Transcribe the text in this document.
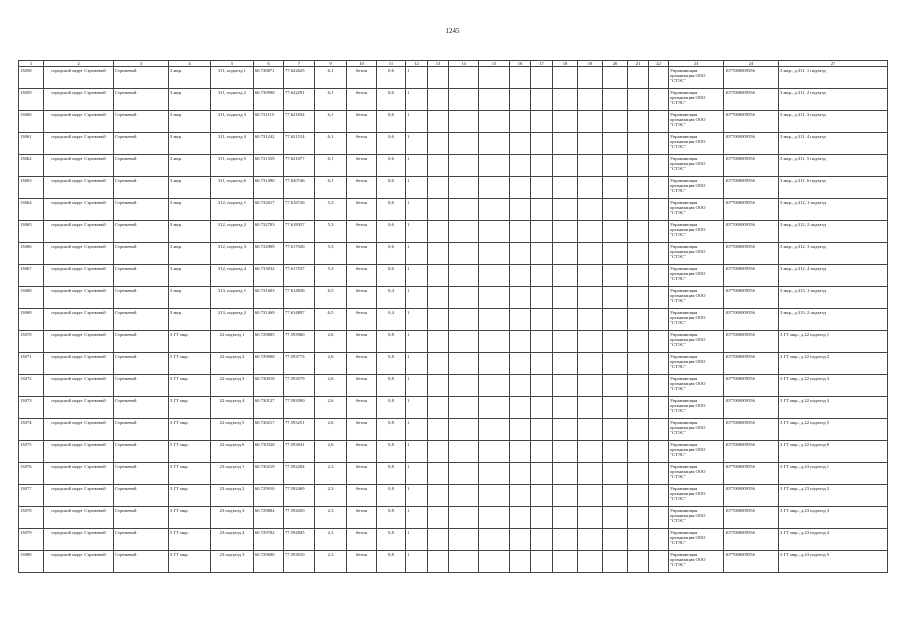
1245
1	2	3	4	5	6	7	9	10	11	12	13	14	15	16	17	18	19	20	21	22	23	24	27
13058	городской округ Стрежевой	Стрежевой	3 мкр.	311, подъезд 1	60.730871	77.622625	6,1	бетон	0,6	1											Управляющая организация ООО "СТЭС"	1077000009556	3 мкр., д.311, 1 подъезд
13059	городской округ Стрежевой	Стрежевой	3 мкр.	311, подъезд 2	60.730998	77.622291	6,1	бетон	0,6	1											Управляющая организация ООО "СТЭС"	1077000009556	3 мкр., д.311, 2 подъезд
13060	городской округ Стрежевой	Стрежевой	3 мкр.	311, подъезд 3	60.731115	77.621834	6,1	бетон	0,6	1											Управляющая организация ООО "СТЭС"	1077000009556	3 мкр., д.311, 3 подъезд
13061	городской округ Стрежевой	Стрежевой	3 мкр.	311, подъезд 4	60.731242	77.621514	6,1	бетон	0,6	1											Управляющая организация ООО "СТЭС"	1077000009556	3 мкр., д.311, 4 подъезд
13062	городской округ Стрежевой	Стрежевой	3 мкр.	311, подъезд 5	60.731359	77.621077	6,1	бетон	0,6	1											Управляющая организация ООО "СТЭС"	1077000009556	3 мкр., д.311, 5 подъезд
13063	городской округ Стрежевой	Стрежевой	3 мкр.	311, подъезд 6	60.731490	77.620746	6,1	бетон	0,6	1											Управляющая организация ООО "СТЭС"	1077000009556	3 мкр., д.311, 6 подъезд
13064	городской округ Стрежевой	Стрежевой	3 мкр.	312, подъезд 1	60.732617	77.618726	5,3	бетон	0,6	1											Управляющая организация ООО "СТЭС"	1077000009556	3 мкр., д.312, 1 подъезд
13065	городской округ Стрежевой	Стрежевой	3 мкр.	312, подъезд 2	60.732783	77.618357	5,3	бетон	0,6	1											Управляющая организация ООО "СТЭС"	1077000009556	3 мкр., д.312, 2 подъезд
13066	городской округ Стрежевой	Стрежевой	3 мкр.	312, подъезд 3	60.732909	77.617926	5,3	бетон	0,6	1											Управляющая организация ООО "СТЭС"	1077000009556	3 мкр., д.312, 3 подъезд
13067	городской округ Стрежевой	Стрежевой	3 мкр.	312, подъезд 4	60.733032	77.617537	5,3	бетон	0,6	1											Управляющая организация ООО "СТЭС"	1077000009556	3 мкр., д.312, 4 подъезд
13068	городской округ Стрежевой	Стрежевой	3 мкр.	313, подъезд 1	60.731603	77.614836	6,5	бетон	0,4	1											Управляющая организация ООО "СТЭС"	1077000009556	3 мкр., д.313, 1 подъезд
13069	городской округ Стрежевой	Стрежевой	3 мкр.	313, подъезд 2	60.731469	77.614897	6,5	бетон	0,4	1											Управляющая организация ООО "СТЭС"	1077000009556	3 мкр., д.313, 2 подъезд
13070	городской округ Стрежевой	Стрежевой	3 ГТ мкр.	22 подъезд 1	60.729805	77.593960	2,6	бетон	0,8	1											Управляющая организация ООО "СТЭС"	1077000009556	3 ГТ мкр., д.22 подъезд 1
13071	городской округ Стрежевой	Стрежевой	3 ГТ мкр.	22 подъезд 2	60.729908	77.593773	2,6	бетон	0,8	1											Управляющая организация ООО "СТЭС"	1077000009556	3 ГТ мкр., д.22 подъезд 2
13072	городской округ Стрежевой	Стрежевой	3 ГТ мкр.	22 подъезд 3	60.730018	77.593579	2,6	бетон	0,8	1											Управляющая организация ООО "СТЭС"	1077000009556	3 ГТ мкр., д.22 подъезд 3
13073	городской округ Стрежевой	Стрежевой	3 ГТ мкр.	22 подъезд 4	60.730127	77.593390	2,6	бетон	0,8	1											Управляющая организация ООО "СТЭС"	1077000009556	3 ГТ мкр., д.22 подъезд 4
13074	городской округ Стрежевой	Стрежевой	3 ГТ мкр.	22 подъезд 5	60.730217	77.593251	2,6	бетон	0,8	1											Управляющая организация ООО "СТЭС"	1077000009556	3 ГТ мкр., д.22 подъезд 5
13075	городской округ Стрежевой	Стрежевой	3 ГТ мкр.	22 подъезд 6	60.730328	77.593041	2,6	бетон	0,8	1											Управляющая организация ООО "СТЭС"	1077000009556	3 ГТ мкр., д.22 подъезд 6
13076	городской округ Стрежевой	Стрежевой	3 ГТ мкр.	23 подъезд 1	60.730219	77.592284	2,3	бетон	0,8	1											Управляющая организация ООО "СТЭС"	1077000009556	3 ГТ мкр., д.23 подъезд 1
13077	городской округ Стрежевой	Стрежевой	3 ГТ мкр.	23 подъезд 2	60.729910	77.592469	2,3	бетон	0,8	1											Управляющая организация ООО "СТЭС"	1077000009556	3 ГТ мкр., д.23 подъезд 2
13078	городской округ Стрежевой	Стрежевой	3 ГТ мкр.	23 подъезд 3	60.729804	77.592650	2,3	бетон	0,8	1											Управляющая организация ООО "СТЭС"	1077000009556	3 ГТ мкр., д.23 подъезд 3
13079	городской округ Стрежевой	Стрежевой	3 ГТ мкр.	23 подъезд 4	60.729702	77.592845	2,3	бетон	0,8	1											Управляющая организация ООО "СТЭС"	1077000009556	3 ГТ мкр., д.23 подъезд 4
13080	городской округ Стрежевой	Стрежевой	3 ГТ мкр.	23 подъезд 5	60.729600	77.593010	2,3	бетон	0,8	1											Управляющая организация ООО "СТЭС"	1077000009556	3 ГТ мкр., д.23 подъезд 5
